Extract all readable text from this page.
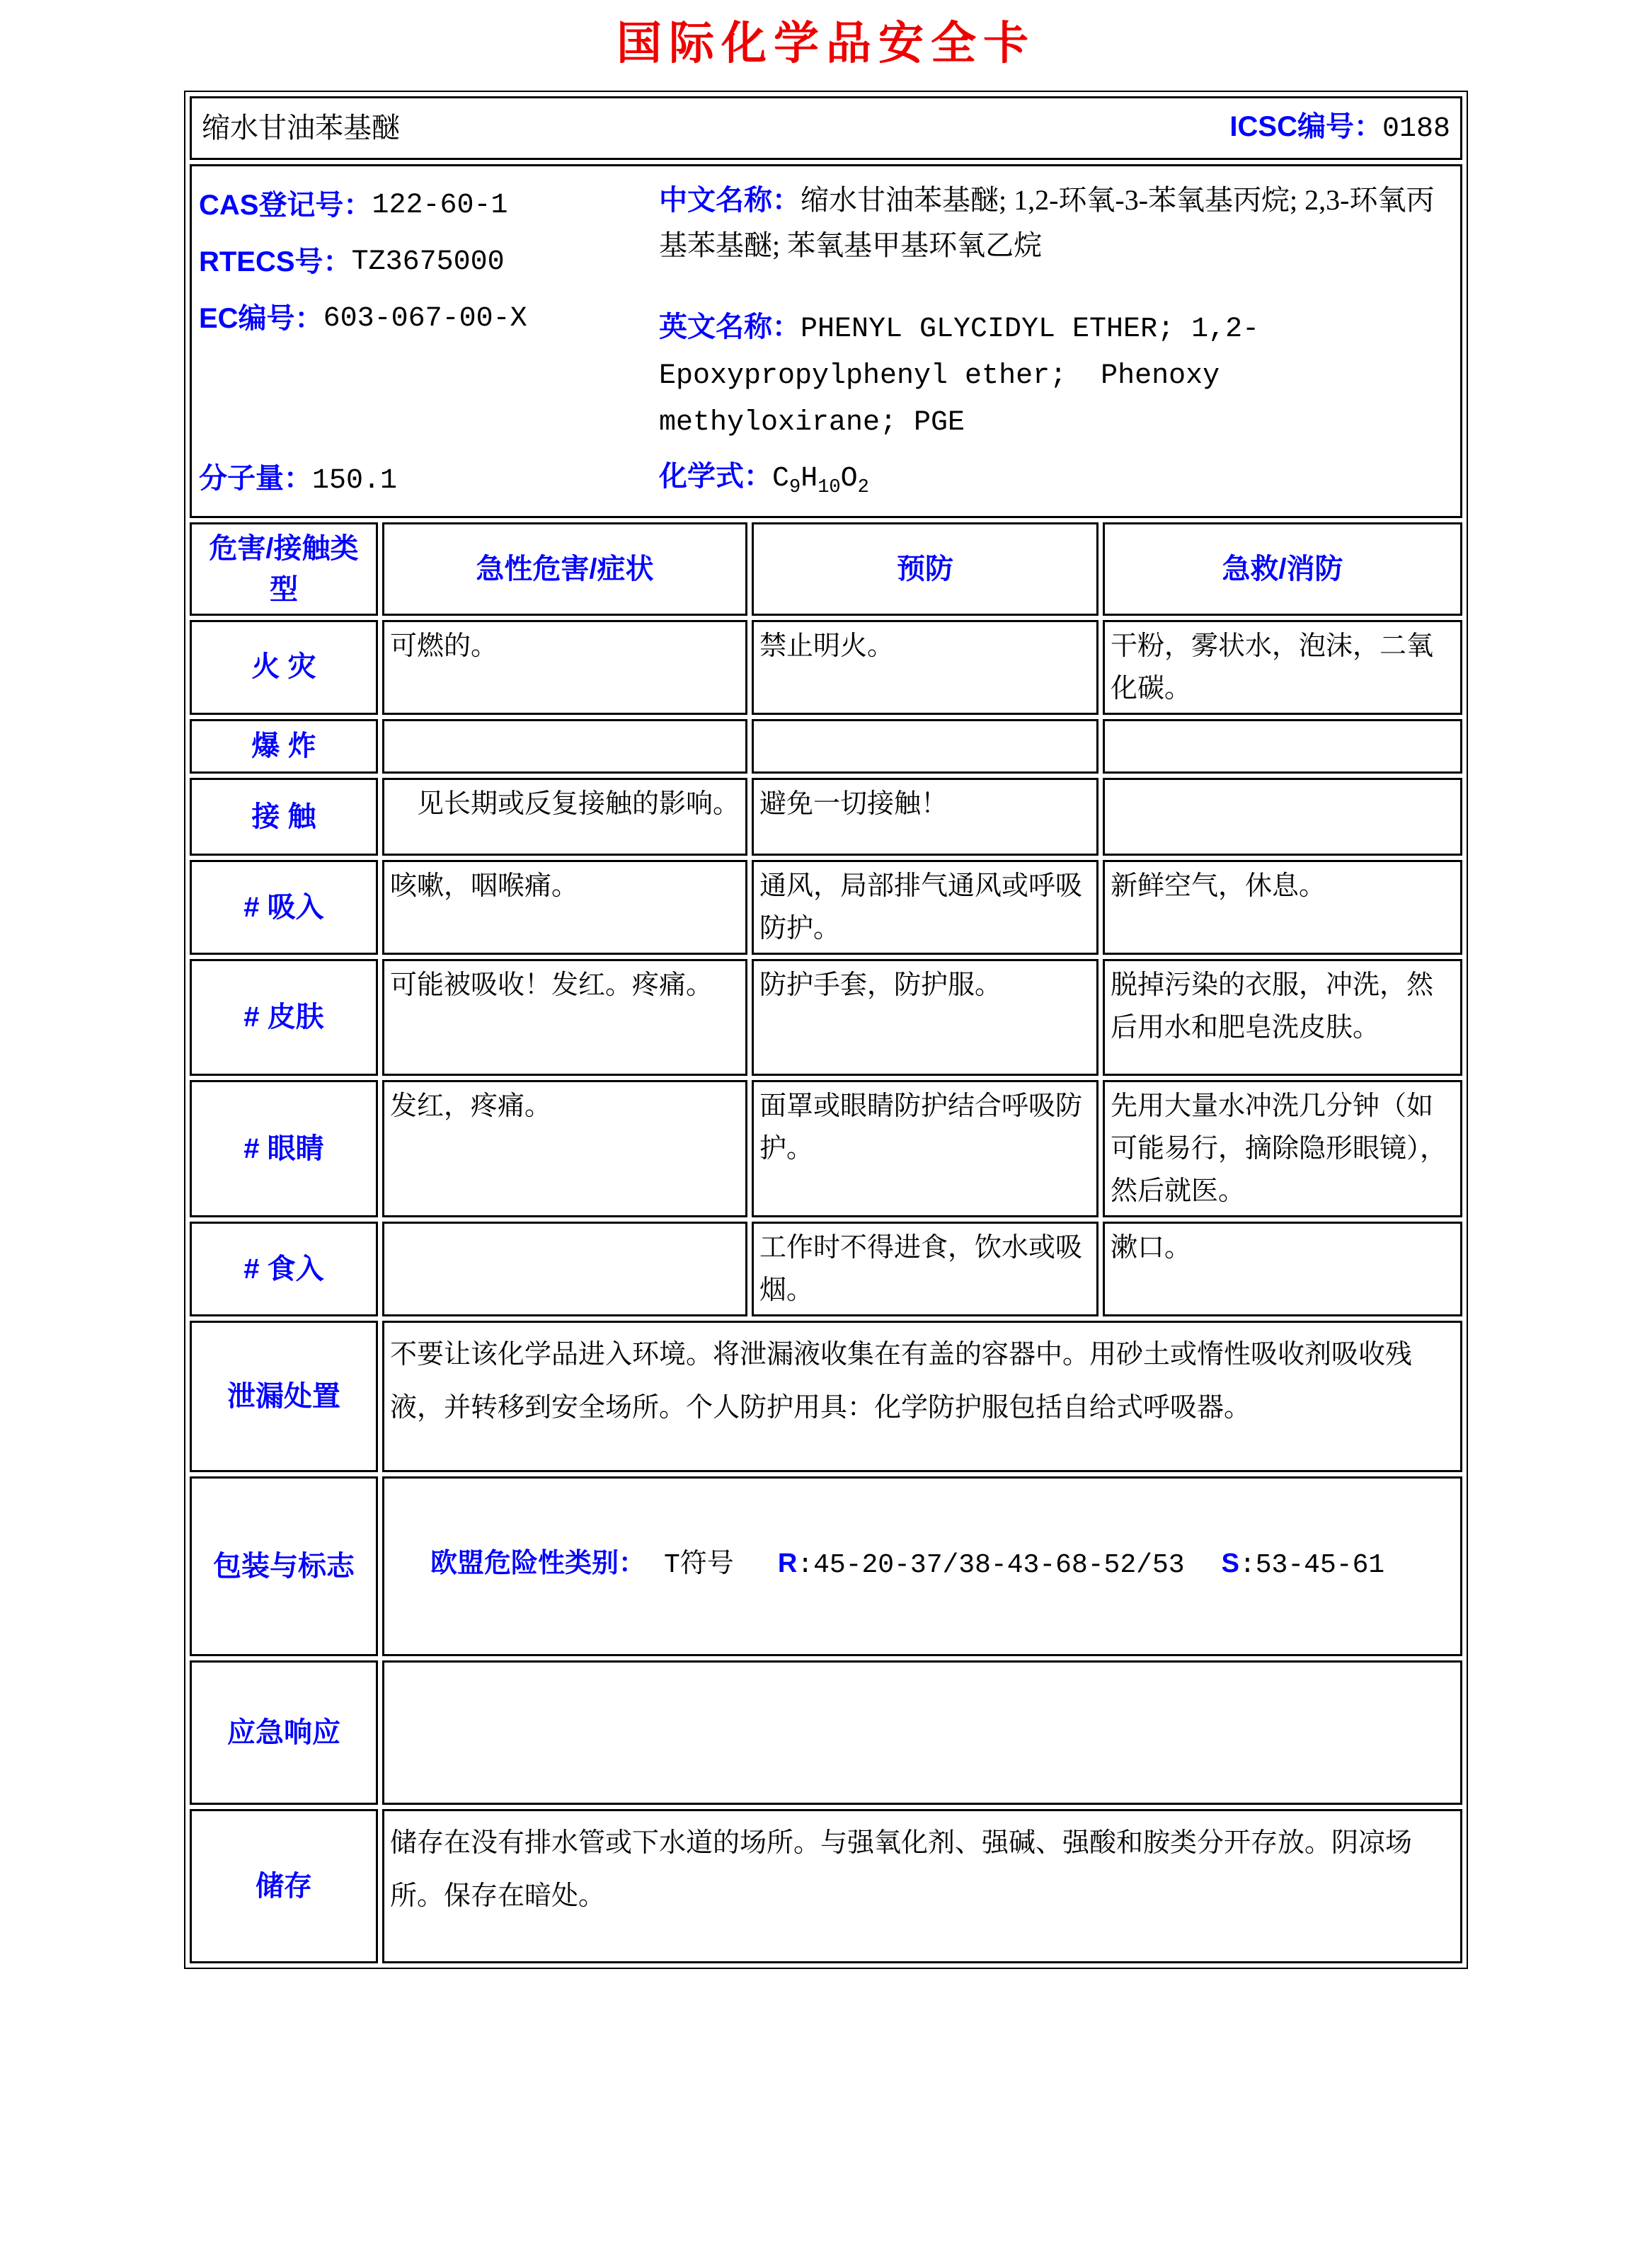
国际化学品安全卡
缩水甘油苯基醚 ICSC编号：0188			

CAS登记号： 122-60-1
RTECS号： TZ3675000
EC编号： 603-067-00-X
中文名称：缩水甘油苯基醚; 1,2-环氧-3-苯氧基丙烷; 2,3-环氧丙基苯基醚; 苯氧基甲基环氧乙烷
英文名称：PHENYL GLYCIDYL ETHER; 1,2-Epoxypropylphenyl ether;  Phenoxy methyloxirane; PGE
分子量：150.1	化学式：$C_9H_{10}O_2$

危害/接触类型	急性危害/症状	预防	急救/消防
火 灾	可燃的。	禁止明火。	干粉，雾状水，泡沫，二氧化碳。
爆 炸			
接 触	　见长期或反复接触的影响。	避免一切接触！	
# 吸入	咳嗽，咽喉痛。	通风，局部排气通风或呼吸防护。	新鲜空气，休息。
# 皮肤	可能被吸收！发红。疼痛。	防护手套，防护服。	脱掉污染的衣服，冲洗，然后用水和肥皂洗皮肤。
# 眼睛	发红，疼痛。	面罩或眼睛防护结合呼吸防护。	先用大量水冲洗几分钟（如可能易行，摘除隐形眼镜），然后就医。
# 食入		工作时不得进食，饮水或吸烟。	漱口。
泄漏处置	不要让该化学品进入环境。将泄漏液收集在有盖的容器中。用砂土或惰性吸收剂吸收残液，并转移到安全场所。个人防护用具：化学防护服包括自给式呼吸器。		
包装与标志	欧盟危险性类别： T符号 R:45-20-37/38-43-68-52/53 S:53-45-61		

应急响应			
储存	储存在没有排水管或下水道的场所。与强氧化剂、强碱、强酸和胺类分开存放。阴凉场所。保存在暗处。		
